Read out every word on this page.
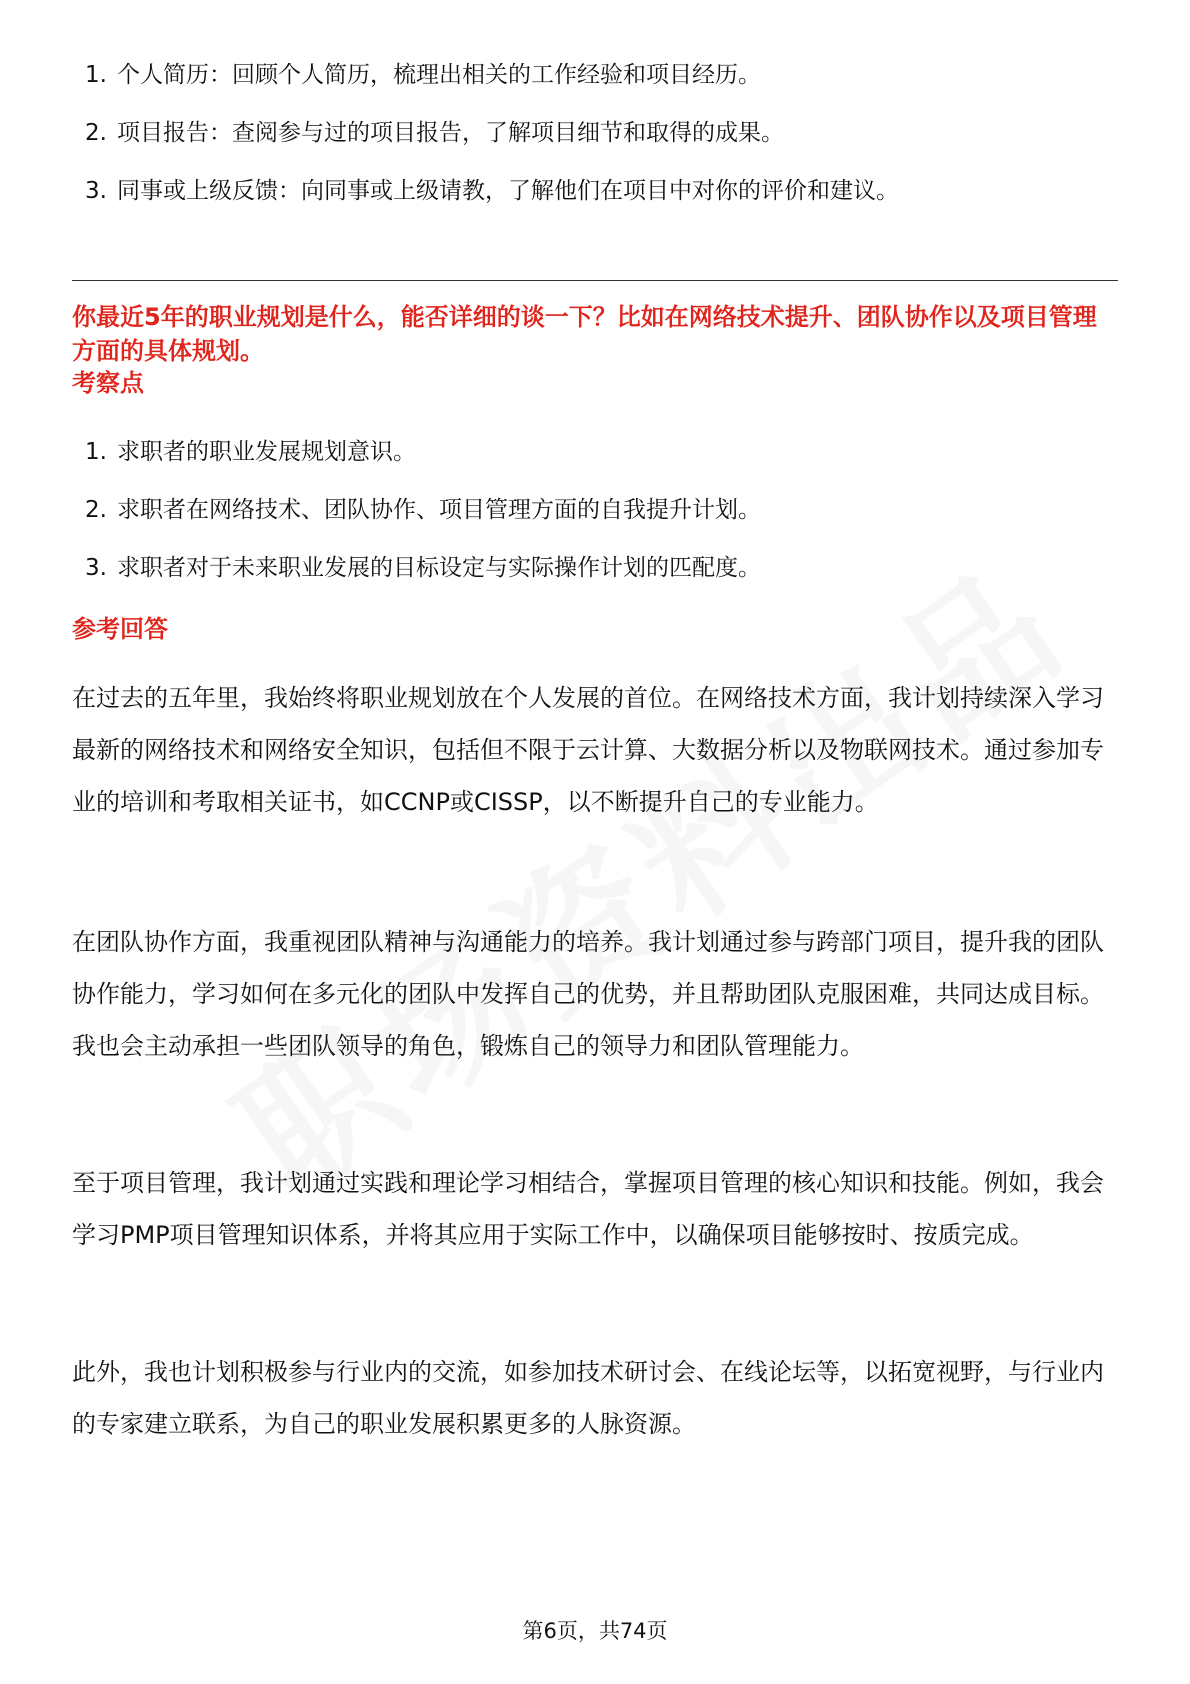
1. 个人简历：回顾个人简历，梳理出相关的工作经验和项目经历。
2. 项目报告：查阅参与过的项目报告，了解项目细节和取得的成果。
3. 同事或上级反馈：向同事或上级请教，了解他们在项目中对你的评价和建议。

你最近5年的职业规划是什么，能否详细的谈一下？比如在网络技术提升、团队协作以及项目管理方面的具体规划。

考察点

1. 求职者的职业发展规划意识。
2. 求职者在网络技术、团队协作、项目管理方面的自我提升计划。
3. 求职者对于未来职业发展的目标设定与实际操作计划的匹配度。

参考回答

在过去的五年里，我始终将职业规划放在个人发展的首位。在网络技术方面，我计划持续深入学习最新的网络技术和网络安全知识，包括但不限于云计算、大数据分析以及物联网技术。通过参加专业的培训和考取相关证书，如CCNP或CISSP，以不断提升自己的专业能力。

在团队协作方面，我重视团队精神与沟通能力的培养。我计划通过参与跨部门项目，提升我的团队协作能力，学习如何在多元化的团队中发挥自己的优势，并且帮助团队克服困难，共同达成目标。我也会主动承担一些团队领导的角色，锻炼自己的领导力和团队管理能力。

至于项目管理，我计划通过实践和理论学习相结合，掌握项目管理的核心知识和技能。例如，我会学习PMP项目管理知识体系，并将其应用于实际工作中，以确保项目能够按时、按质完成。

此外，我也计划积极参与行业内的交流，如参加技术研讨会、在线论坛等，以拓宽视野，与行业内的专家建立联系，为自己的职业发展积累更多的人脉资源。

第6页，共74页
